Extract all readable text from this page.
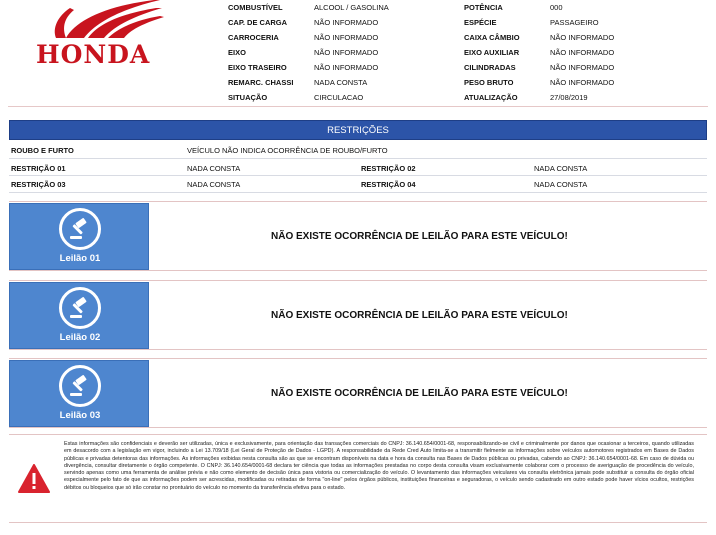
HONDA
COMBUSTÍVEL	ALCOOL / GASOLINA	POTÊNCIA	000
CAP. DE CARGA	NÃO INFORMADO	ESPÉCIE	PASSAGEIRO
CARROCERIA	NÃO INFORMADO	CAIXA CÂMBIO	NÃO INFORMADO
EIXO	NÃO INFORMADO	EIXO AUXILIAR	NÃO INFORMADO
EIXO TRASEIRO	NÃO INFORMADO	CILINDRADAS	NÃO INFORMADO
REMARC. CHASSI	NADA CONSTA	PESO BRUTO	NÃO INFORMADO
SITUAÇÃO	CIRCULACAO	ATUALIZAÇÃO	27/08/2019
RESTRIÇÕES
ROUBO E FURTO	VEÍCULO NÃO INDICA OCORRÊNCIA DE ROUBO/FURTO
RESTRIÇÃO 01	NADA CONSTA	RESTRIÇÃO 02	NADA CONSTA
RESTRIÇÃO 03	NADA CONSTA	RESTRIÇÃO 04	NADA CONSTA
Leilão 01
NÃO EXISTE OCORRÊNCIA DE LEILÃO PARA ESTE VEÍCULO!
Leilão 02
NÃO EXISTE OCORRÊNCIA DE LEILÃO PARA ESTE VEÍCULO!
Leilão 03
NÃO EXISTE OCORRÊNCIA DE LEILÃO PARA ESTE VEÍCULO!
Estas informações são confidenciais e deverão ser utilizadas, única e exclusivamente, para orientação das transações comerciais do CNPJ: 36.140.654/0001-68, responsabilizando-se civil e criminalmente por danos que ocasionar a terceiros, quando utilizadas em desacordo com a legislação em vigor, incluindo a Lei 13.709/18 (Lei Geral de Proteção de Dados - LGPD). A responsabilidade da Rede Cred Auto limita-se a transmitir fielmente as informações sobre veículos automotores registrados em Bases de Dados públicas e privadas detentoras das informações. As informações exibidas nesta consulta são as que se encontram disponíveis na data e hora da consulta nas Bases de Dados públicas ou privadas, cabendo ao CNPJ: 36.140.654/0001-68. Em caso de dúvida ou divergência, consultar diretamente o órgão competente. O CNPJ: 36.140.654/0001-68 declara ter ciência que todas as informações prestadas no corpo desta consulta visam exclusivamente colaborar com o processo de averiguação de procedência do veículo, servindo apenas como uma ferramenta de análise prévia e não como elemento de decisão única para vistoria ou comercialização do veículo. O levantamento das informações veiculares via consulta eletrônica jamais pode substituir a consulta do órgão oficial especialmente pelo fato de que as informações podem ser acrescidas, modificadas ou retiradas de forma "on-line" pelos órgãos públicos, instituições financeiras e seguradoras, o veículo sendo cadastrado em outro estado pode haver vícios ocultos, restrições débitos ou bloqueios que só irão constar no prontuário do veículo no momento da transferência efetiva para o estado.
